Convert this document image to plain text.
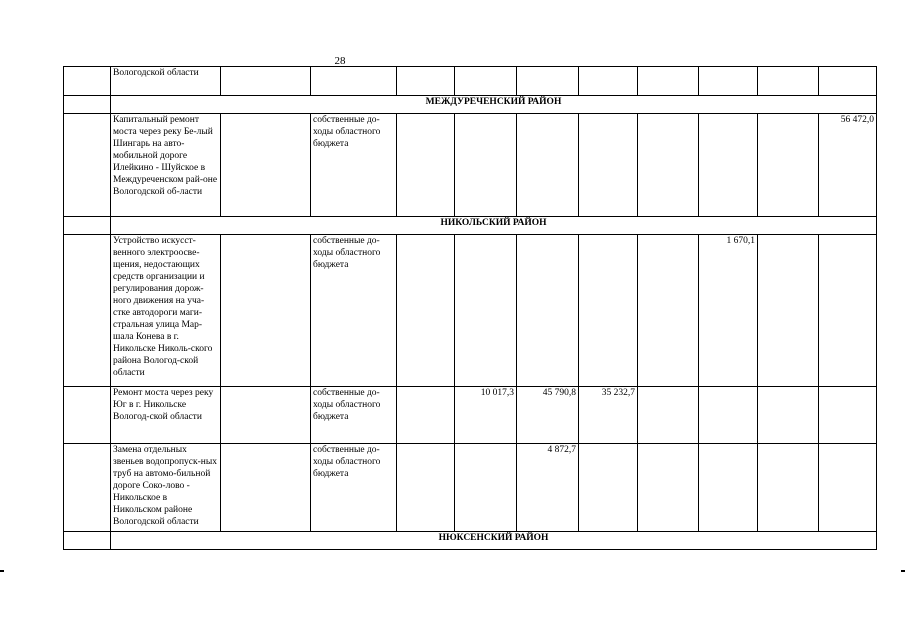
28
	Вологодской области										
	МЕЖДУРЕЧЕНСКИЙ РАЙОН										
	Капитальный ремонт моста через реку Бе-лый Шингарь на авто-мобильной дороге Илейкино - Шуйское в Междуреченском рай-оне Вологодской об-ласти		собственные до-ходы областного бюджета								56 472,0
	НИКОЛЬСКИЙ РАЙОН										
	Устройство искусст-венного электроосве-щения, недостающих средств организации и регулирования дорож-ного движения на уча-стке автодороги маги-стральная улица Мар-шала Конева в г. Никольске Николь-ского района Вологод-ской области		собственные до-ходы областного бюджета						1 670,1		
	Ремонт моста через реку Юг в г. Никольске Вологод-ской области		собственные до-ходы областного бюджета		10 017,3	45 790,8	35 232,7				
	Замена отдельных звеньев водопропуск-ных труб на автомо-бильной дороге Соко-лово - Никольское в Никольском районе Вологодской области		собственные до-ходы областного бюджета			4 872,7					
	НЮКСЕНСКИЙ РАЙОН										
